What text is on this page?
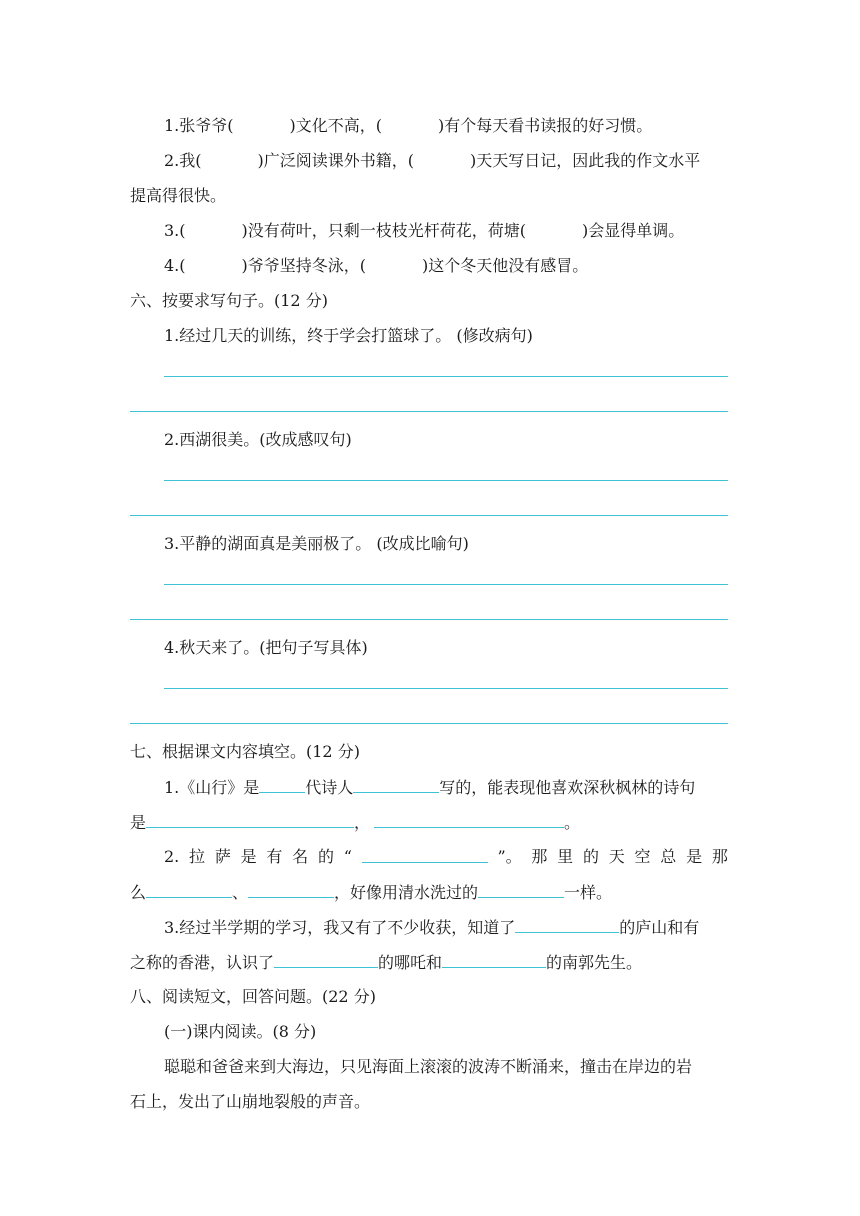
1.张爷爷(	)文化不高，(	)有个每天看书读报的好习惯。
2.我(	)广泛阅读课外书籍，(	)天天写日记，因此我的作文水平
提高得很快。
3.(	)没有荷叶，只剩一枝枝光杆荷花，荷塘(	)会显得单调。
4.(	)爷爷坚持冬泳，(	)这个冬天他没有感冒。
六、按要求写句子。(12 分)
1.经过几天的训练，终于学会打篮球了。 (修改病句)
2.西湖很美。(改成感叹句)
3.平静的湖面真是美丽极了。 (改成比喻句)
4.秋天来了。(把句子写具体)
七、根据课文内容填空。(12 分)
1.《山行》是	代诗人	写的，能表现他喜欢深秋枫林的诗句
是	，	。
2. 拉 萨 是 有 名 的 “	”。 那 里 的 天 空 总 是 那
么	、	，好像用清水洗过的	一样。
3.经过半学期的学习，我又有了不少收获，知道了	的庐山和有
之称的香港，认识了	的哪吒和	的南郭先生。
八、阅读短文，回答问题。(22 分)
(一)课内阅读。(8 分)
聪聪和爸爸来到大海边，只见海面上滚滚的波涛不断涌来，撞击在岸边的岩
石上，发出了山崩地裂般的声音。
